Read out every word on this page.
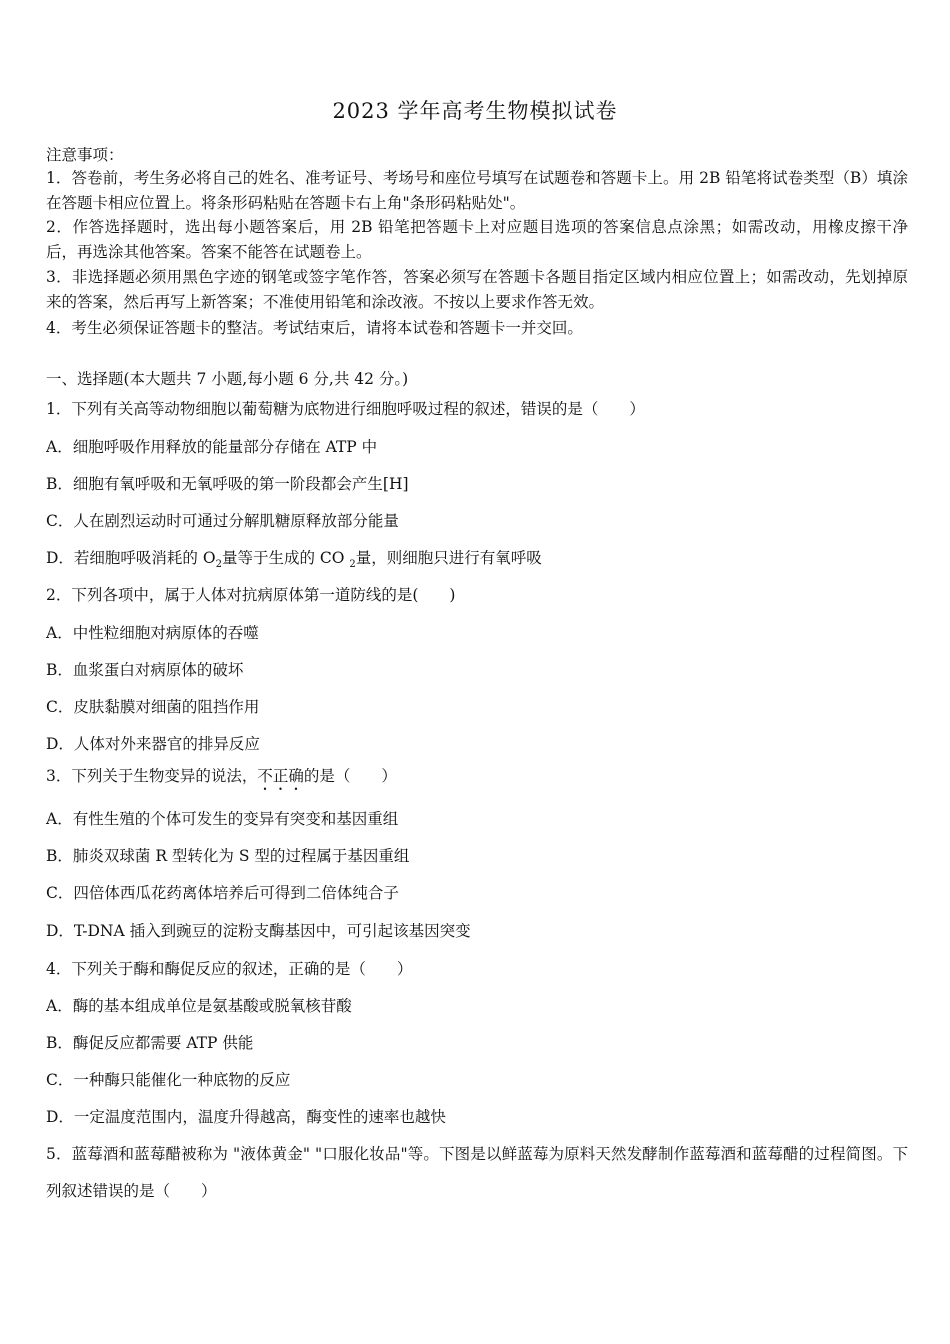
2023 学年高考生物模拟试卷
注意事项：
1．答卷前，考生务必将自己的姓名、准考证号、考场号和座位号填写在试题卷和答题卡上。用 2B 铅笔将试卷类型（B）填涂在答题卡相应位置上。将条形码粘贴在答题卡右上角"条形码粘贴处"。
2．作答选择题时，选出每小题答案后，用 2B 铅笔把答题卡上对应题目选项的答案信息点涂黑；如需改动，用橡皮擦干净后，再选涂其他答案。答案不能答在试题卷上。
3．非选择题必须用黑色字迹的钢笔或签字笔作答，答案必须写在答题卡各题目指定区域内相应位置上；如需改动，先划掉原来的答案，然后再写上新答案；不准使用铅笔和涂改液。不按以上要求作答无效。
4．考生必须保证答题卡的整洁。考试结束后，请将本试卷和答题卡一并交回。
一、选择题(本大题共 7 小题,每小题 6 分,共 42 分。)
1．下列有关高等动物细胞以葡萄糖为底物进行细胞呼吸过程的叙述，错误的是（　　）
A．细胞呼吸作用释放的能量部分存储在 ATP 中
B．细胞有氧呼吸和无氧呼吸的第一阶段都会产生[H]
C．人在剧烈运动时可通过分解肌糖原释放部分能量
D．若细胞呼吸消耗的 $O_2$量等于生成的 CO $_2$量，则细胞只进行有氧呼吸
2．下列各项中，属于人体对抗病原体第一道防线的是(　　)
A．中性粒细胞对病原体的吞噬
B．血浆蛋白对病原体的破坏
C．皮肤黏膜对细菌的阻挡作用
D．人体对外来器官的排异反应
3．下列关于生物变异的说法，不正确的是（　　）
A．有性生殖的个体可发生的变异有突变和基因重组
B．肺炎双球菌 R 型转化为 S 型的过程属于基因重组
C．四倍体西瓜花药离体培养后可得到二倍体纯合子
D．T-DNA 插入到豌豆的淀粉支酶基因中，可引起该基因突变
4．下列关于酶和酶促反应的叙述，正确的是（　　）
A．酶的基本组成单位是氨基酸或脱氧核苷酸
B．酶促反应都需要 ATP 供能
C．一种酶只能催化一种底物的反应
D．一定温度范围内，温度升得越高，酶变性的速率也越快
5．蓝莓酒和蓝莓醋被称为 "液体黄金" "口服化妆品"等。下图是以鲜蓝莓为原料天然发酵制作蓝莓酒和蓝莓醋的过程简图。下列叙述错误的是（　　）
